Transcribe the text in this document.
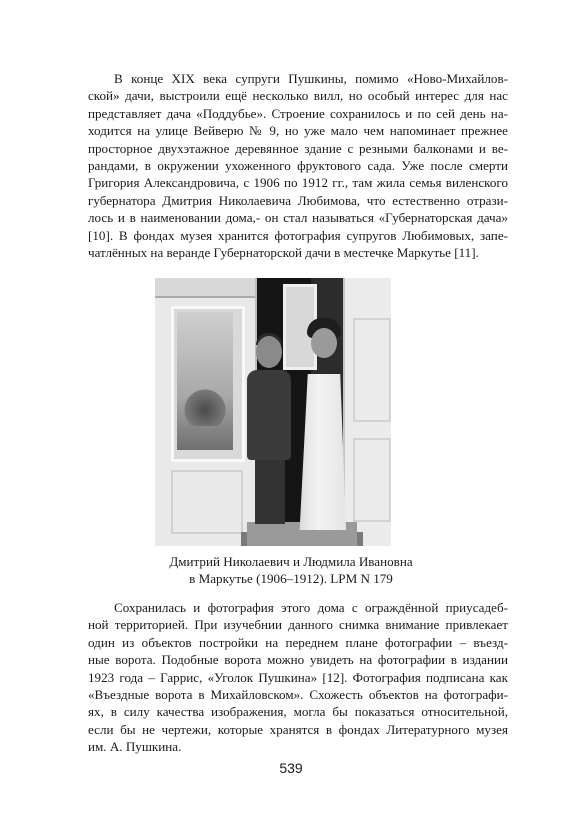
В конце XIX века супруги Пушкины, помимо «Ново-Михайлов-
ской» дачи, выстроили ещё несколько вилл, но особый интерес для нас
представляет дача «Поддубье». Строение сохранилось и по сей день на-
ходится на улице Вейверю № 9, но уже мало чем напоминает прежнее
просторное двухэтажное деревянное здание с резными балконами и ве-
рандами, в окружении ухоженного фруктового сада. Уже после смерти
Григория Александровича, с 1906 по 1912 гг., там жила семья виленского
губернатора Дмитрия Николаевича Любимова, что естественно отрази-
лось и в наименовании дома,- он стал называться «Губернаторская дача»
[10]. В фондах музея хранится фотография супругов Любимовых, запе-
чатлённых на веранде Губернаторской дачи в местечке Маркутье [11].

Дмитрий Николаевич и Людмила Ивановна
в Маркутье (1906–1912). LPM N 179

Сохранилась и фотография этого дома с ограждённой приусадеб-
ной территорией. При изучебнии данного снимка внимание привлекает
один из объектов постройки на переднем плане фотографии – въезд-
ные ворота. Подобные ворота можно увидеть на фотографии в издании
1923 года – Гаррис, «Уголок Пушкина» [12]. Фотография подписана как
«Въездные ворота в Михайловском». Схожесть объектов на фотографи-
ях, в силу качества изображения, могла бы показаться относительной,
если бы не чертежи, которые хранятся в фондах Литературного музея
им. А. Пушкина.
539
